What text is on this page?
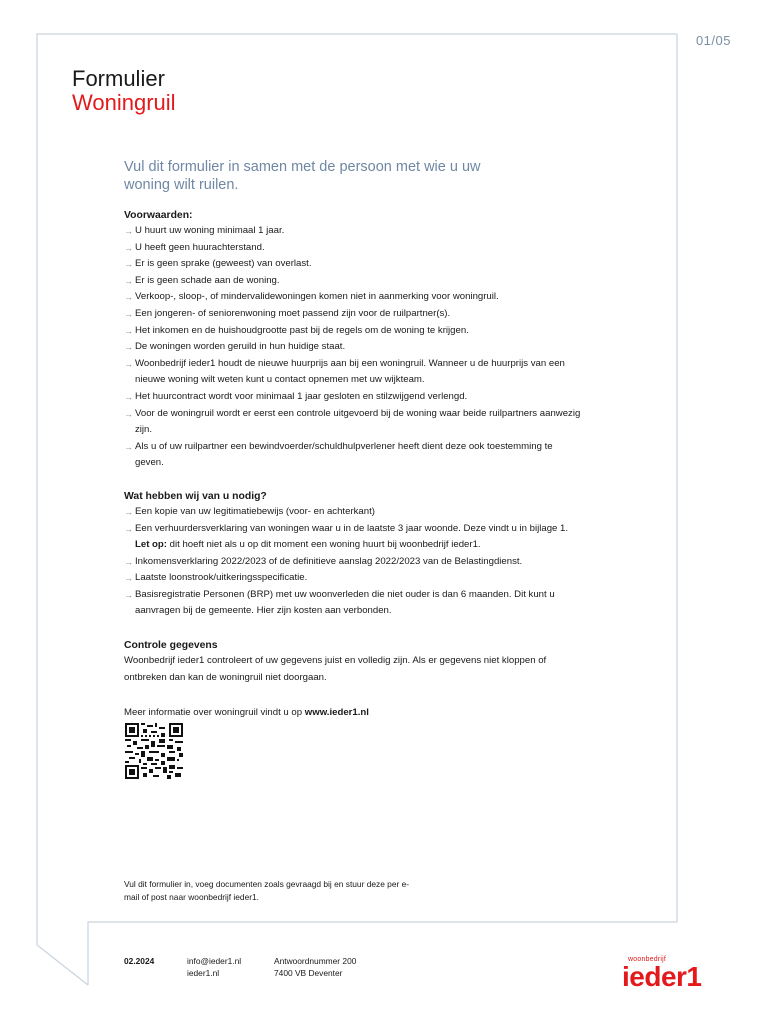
01/05
Formulier
Woningruil
Vul dit formulier in samen met de persoon met wie u uw woning wilt ruilen.

Voorwaarden:

→ U huurt uw woning minimaal 1 jaar.
→ U heeft geen huurachterstand.
→ Er is geen sprake (geweest) van overlast.
→ Er is geen schade aan de woning.
→ Verkoop-, sloop-, of mindervalidewoningen komen niet in aanmerking voor woningruil.
→ Een jongeren- of seniorenwoning moet passend zijn voor de ruilpartner(s).
→ Het inkomen en de huishoudgrootte past bij de regels om de woning te krijgen.
→ De woningen worden geruild in hun huidige staat.
→ Woonbedrijf ieder1 houdt de nieuwe huurprijs aan bij een woningruil. Wanneer u de huurprijs van een nieuwe woning wilt weten kunt u contact opnemen met uw wijkteam.
→ Het huurcontract wordt voor minimaal 1 jaar gesloten en stilzwijgend verlengd.
→ Voor de woningruil wordt er eerst een controle uitgevoerd bij de woning waar beide ruilpartners aanwezig zijn.
→ Als u of uw ruilpartner een bewindvoerder/schuldhulpverlener heeft dient deze ook toestemming te geven.

Wat hebben wij van u nodig?

→ Een kopie van uw legitimatiebewijs (voor- en achterkant)
→ Een verhuurdersverklaring van woningen waar u in de laatste 3 jaar woonde. Deze vindt u in bijlage 1. Let op: dit hoeft niet als u op dit moment een woning huurt bij woonbedrijf ieder1.
→ Inkomensverklaring 2022/2023 of de definitieve aanslag 2022/2023 van de Belastingdienst.
→ Laatste loonstrook/uitkeringsspecificatie.
→ Basisregistratie Personen (BRP) met uw woonverleden die niet ouder is dan 6 maanden. Dit kunt u aanvragen bij de gemeente. Hier zijn kosten aan verbonden.

Controle gegevens

Woonbedrijf ieder1 controleert of uw gegevens juist en volledig zijn. Als er gegevens niet kloppen of ontbreken dan kan de woningruil niet doorgaan.

Meer informatie over woningruil vindt u op www.ieder1.nl
Vul dit formulier in, voeg documenten zoals gevraagd bij en stuur deze per e-mail of post naar woonbedrijf ieder1.
02.2024	info@ieder1.nl
ieder1.nl
Antwoordnummer 200
7400 VB Deventer
woonbedrijf
ieder1
